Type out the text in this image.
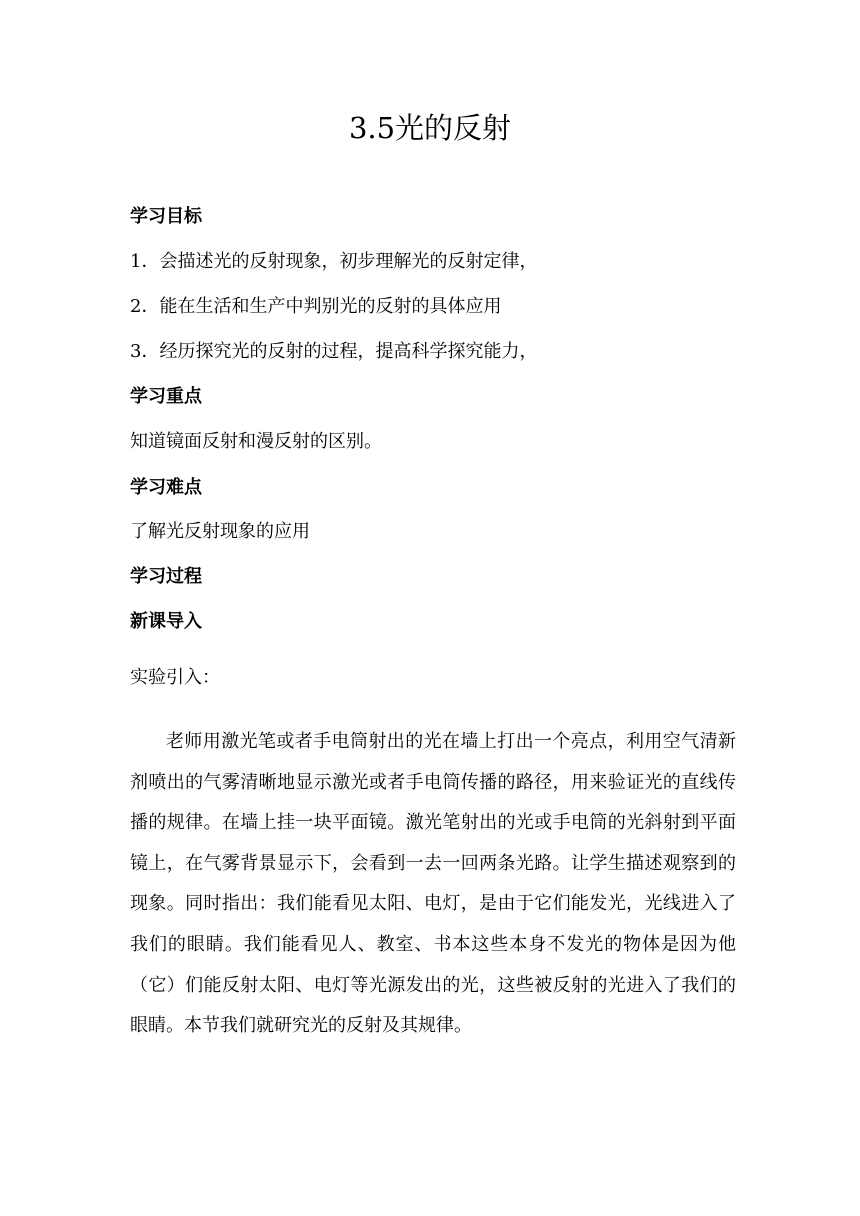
3.5光的反射

学习目标

1．会描述光的反射现象，初步理解光的反射定律，

2．能在生活和生产中判别光的反射的具体应用

3．经历探究光的反射的过程，提高科学探究能力，

学习重点

知道镜面反射和漫反射的区别。

学习难点

了解光反射现象的应用

学习过程

新课导入

实验引入：

老师用激光笔或者手电筒射出的光在墙上打出一个亮点，利用空气清新剂喷出的气雾清晰地显示激光或者手电筒传播的路径，用来验证光的直线传播的规律。在墙上挂一块平面镜。激光笔射出的光或手电筒的光斜射到平面镜上，在气雾背景显示下，会看到一去一回两条光路。让学生描述观察到的现象。同时指出：我们能看见太阳、电灯，是由于它们能发光，光线进入了我们的眼睛。我们能看见人、教室、书本这些本身不发光的物体是因为他（它）们能反射太阳、电灯等光源发出的光，这些被反射的光进入了我们的眼睛。本节我们就研究光的反射及其规律。
